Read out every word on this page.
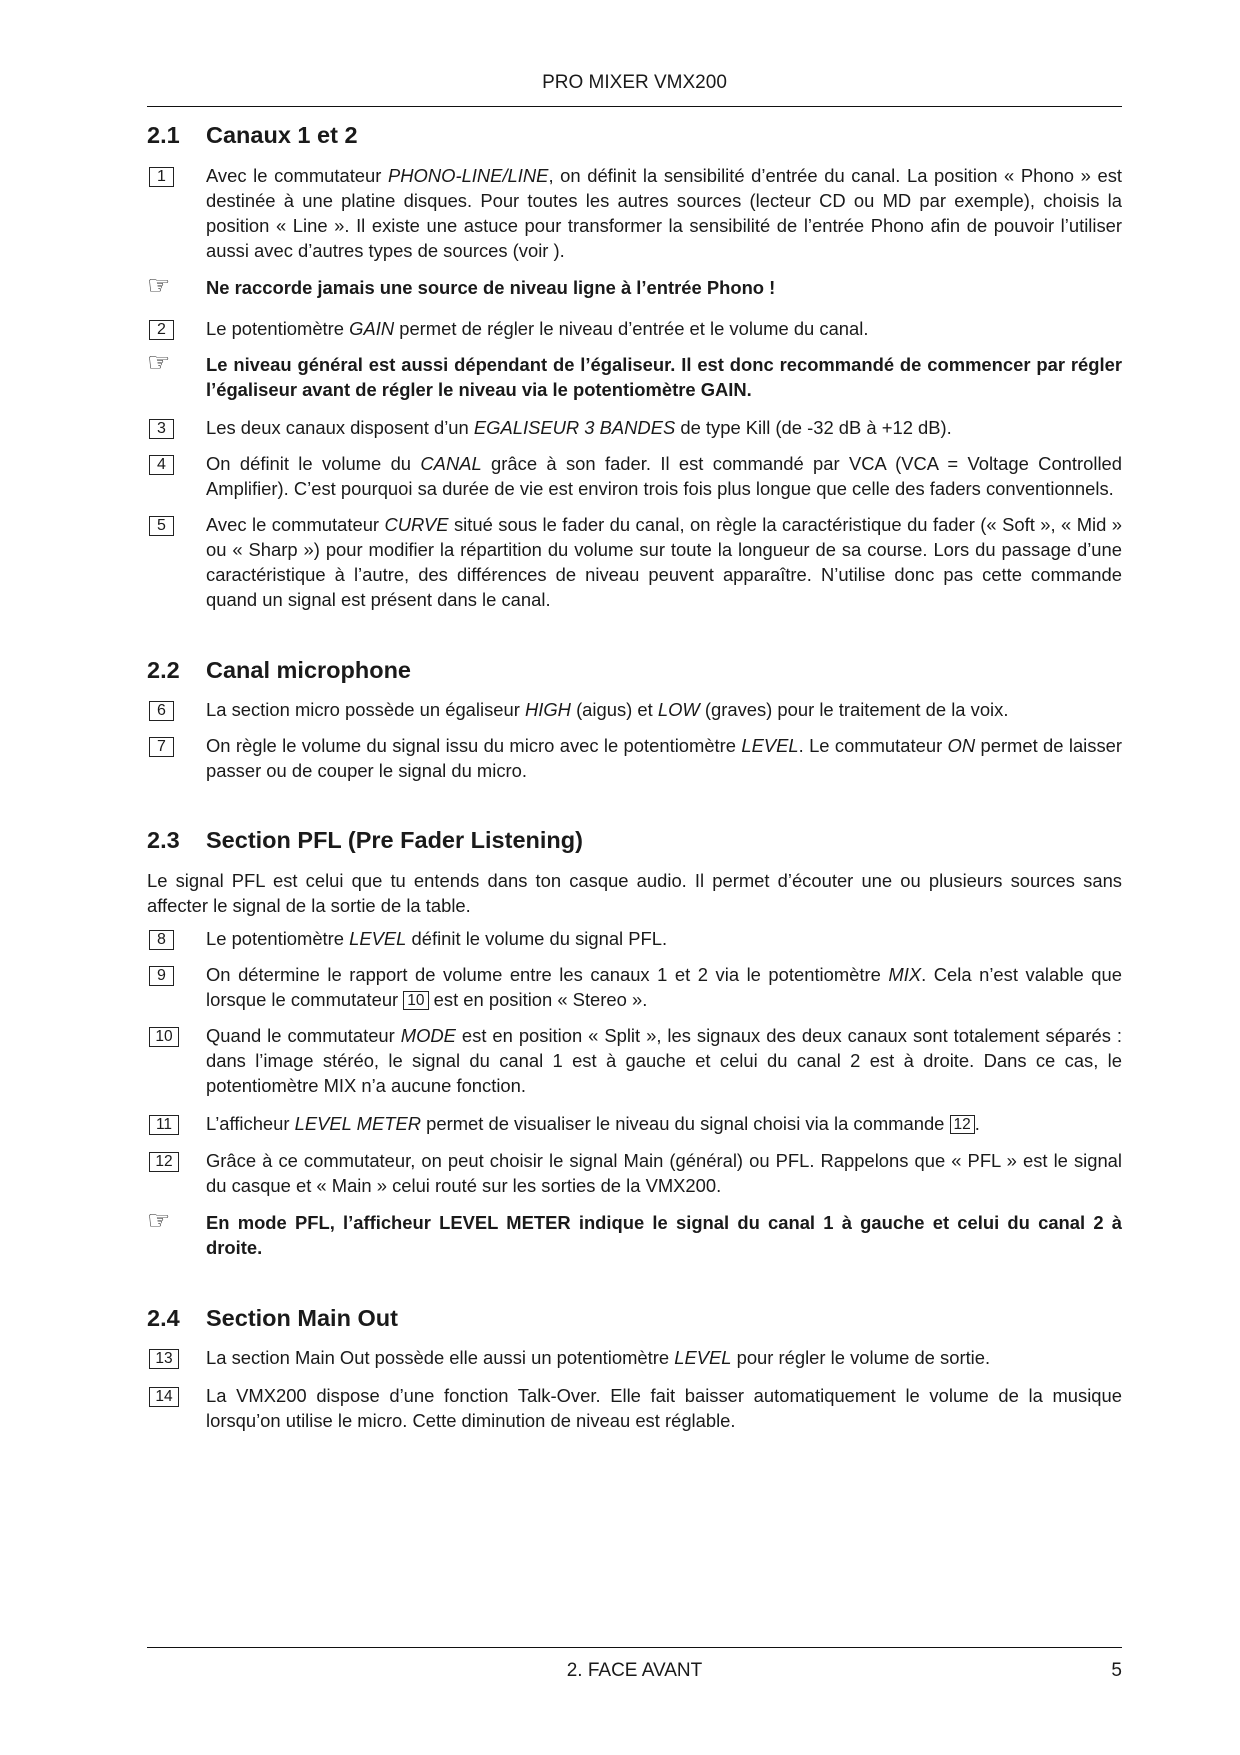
PRO MIXER VMX200
2.1	Canaux 1 et 2
1	Avec le commutateur PHONO-LINE/LINE, on définit la sensibilité d’entrée du canal. La position « Phono » est destinée à une platine disques. Pour toutes les autres sources (lecteur CD ou MD par exemple), choisis la position « Line ». Il existe une astuce pour transformer la sensibilité de l’entrée Phono afin de pouvoir l’utiliser aussi avec d’autres types de sources (voir ).
☞ Ne raccorde jamais une source de niveau ligne à l’entrée Phono !
2	Le potentiomètre GAIN permet de régler le niveau d’entrée et le volume du canal.
☞ Le niveau général est aussi dépendant de l’égaliseur. Il est donc recommandé de commencer par régler l’égaliseur avant de régler le niveau via le potentiomètre GAIN.
3	Les deux canaux disposent d’un EGALISEUR 3 BANDES de type Kill (de -32 dB à +12 dB).
4	On définit le volume du CANAL grâce à son fader. Il est commandé par VCA (VCA = Voltage Controlled Amplifier). C’est pourquoi sa durée de vie est environ trois fois plus longue que celle des faders conventionnels.
5	Avec le commutateur CURVE situé sous le fader du canal, on règle la caractéristique du fader (« Soft », « Mid » ou « Sharp ») pour modifier la répartition du volume sur toute la longueur de sa course. Lors du passage d’une caractéristique à l’autre, des différences de niveau peuvent apparaître. N’utilise donc pas cette commande quand un signal est présent dans le canal.
2.2	Canal microphone
6	La section micro possède un égaliseur HIGH (aigus) et LOW (graves) pour le traitement de la voix.
7	On règle le volume du signal issu du micro avec le potentiomètre LEVEL. Le commutateur ON permet de laisser passer ou de couper le signal du micro.
2.3	Section PFL (Pre Fader Listening)
Le signal PFL est celui que tu entends dans ton casque audio. Il permet d’écouter une ou plusieurs sources sans affecter le signal de la sortie de la table.
8	Le potentiomètre LEVEL définit le volume du signal PFL.
9	On détermine le rapport de volume entre les canaux 1 et 2 via le potentiomètre MIX. Cela n’est valable que lorsque le commutateur 10 est en position « Stereo ».
10	Quand le commutateur MODE est en position « Split », les signaux des deux canaux sont totalement séparés : dans l’image stéréo, le signal du canal 1 est à gauche et celui du canal 2 est à droite. Dans ce cas, le potentiomètre MIX n’a aucune fonction.
11	L’afficheur LEVEL METER permet de visualiser le niveau du signal choisi via la commande 12 .
12	Grâce à ce commutateur, on peut choisir le signal Main (général) ou PFL. Rappelons que « PFL » est le signal du casque et « Main » celui routé sur les sorties de la VMX200.
☞ En mode PFL, l’afficheur LEVEL METER indique le signal du canal 1 à gauche et celui du canal 2 à droite.
2.4	Section Main Out
13	La section Main Out possède elle aussi un potentiomètre LEVEL pour régler le volume de sortie.
14	La VMX200 dispose d’une fonction Talk-Over. Elle fait baisser automatiquement le volume de la musique lorsqu’on utilise le micro. Cette diminution de niveau est réglable.
2. FACE AVANT	5
